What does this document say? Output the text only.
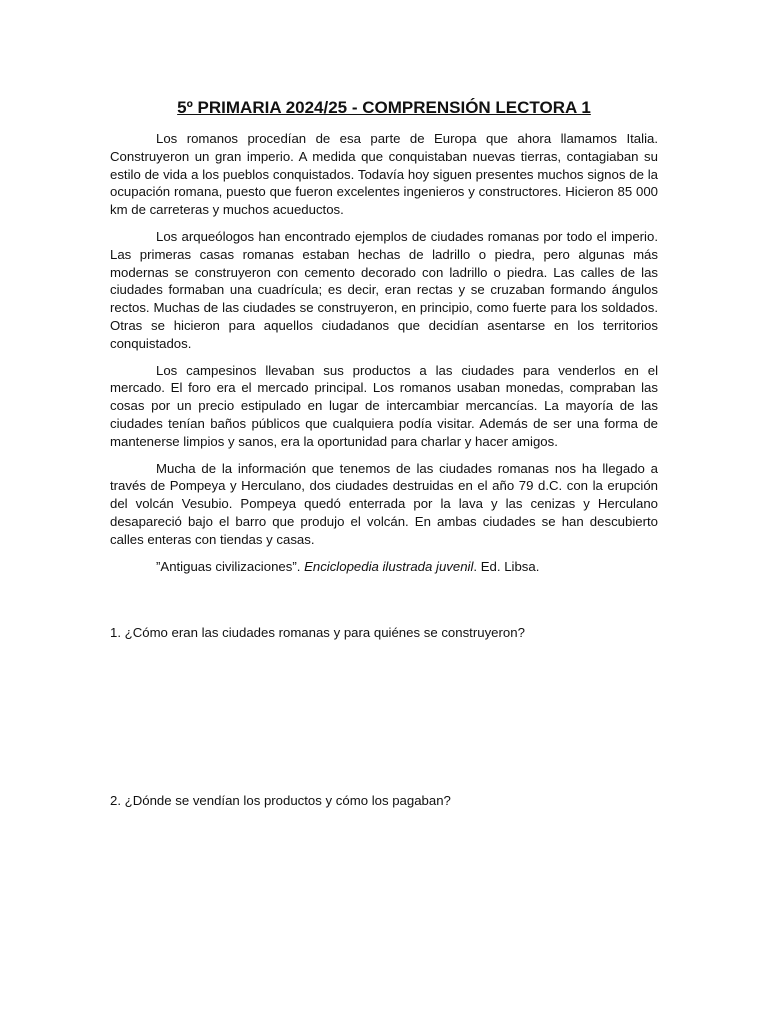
5º PRIMARIA 2024/25 - COMPRENSIÓN LECTORA 1

Los romanos procedían de esa parte de Europa que ahora llamamos Italia. Construyeron un gran imperio. A medida que conquistaban nuevas tierras, contagiaban su estilo de vida a los pueblos conquistados. Todavía hoy siguen presentes muchos signos de la ocupación romana, puesto que fueron excelentes ingenieros y constructores. Hicieron 85 000 km de carreteras y muchos acueductos.

Los arqueólogos han encontrado ejemplos de ciudades romanas por todo el imperio. Las primeras casas romanas estaban hechas de ladrillo o piedra, pero algunas más modernas se construyeron con cemento decorado con ladrillo o piedra. Las calles de las ciudades formaban una cuadrícula; es decir, eran rectas y se cruzaban formando ángulos rectos. Muchas de las ciudades se construyeron, en principio, como fuerte para los soldados. Otras se hicieron para aquellos ciudadanos que decidían asentarse en los territorios conquistados.

Los campesinos llevaban sus productos a las ciudades para venderlos en el mercado. El foro era el mercado principal. Los romanos usaban monedas, compraban las cosas por un precio estipulado en lugar de intercambiar mercancías. La mayoría de las ciudades tenían baños públicos que cualquiera podía visitar. Además de ser una forma de mantenerse limpios y sanos, era la oportunidad para charlar y hacer amigos.

Mucha de la información que tenemos de las ciudades romanas nos ha llegado a través de Pompeya y Herculano, dos ciudades destruidas en el año 79 d.C. con la erupción del volcán Vesubio. Pompeya quedó enterrada por la lava y las cenizas y Herculano desapareció bajo el barro que produjo el volcán. En ambas ciudades se han descubierto calles enteras con tiendas y casas.

”Antiguas civilizaciones”. Enciclopedia ilustrada juvenil. Ed. Libsa.

1. ¿Cómo eran las ciudades romanas y para quiénes se construyeron?

2. ¿Dónde se vendían los productos y cómo los pagaban?
